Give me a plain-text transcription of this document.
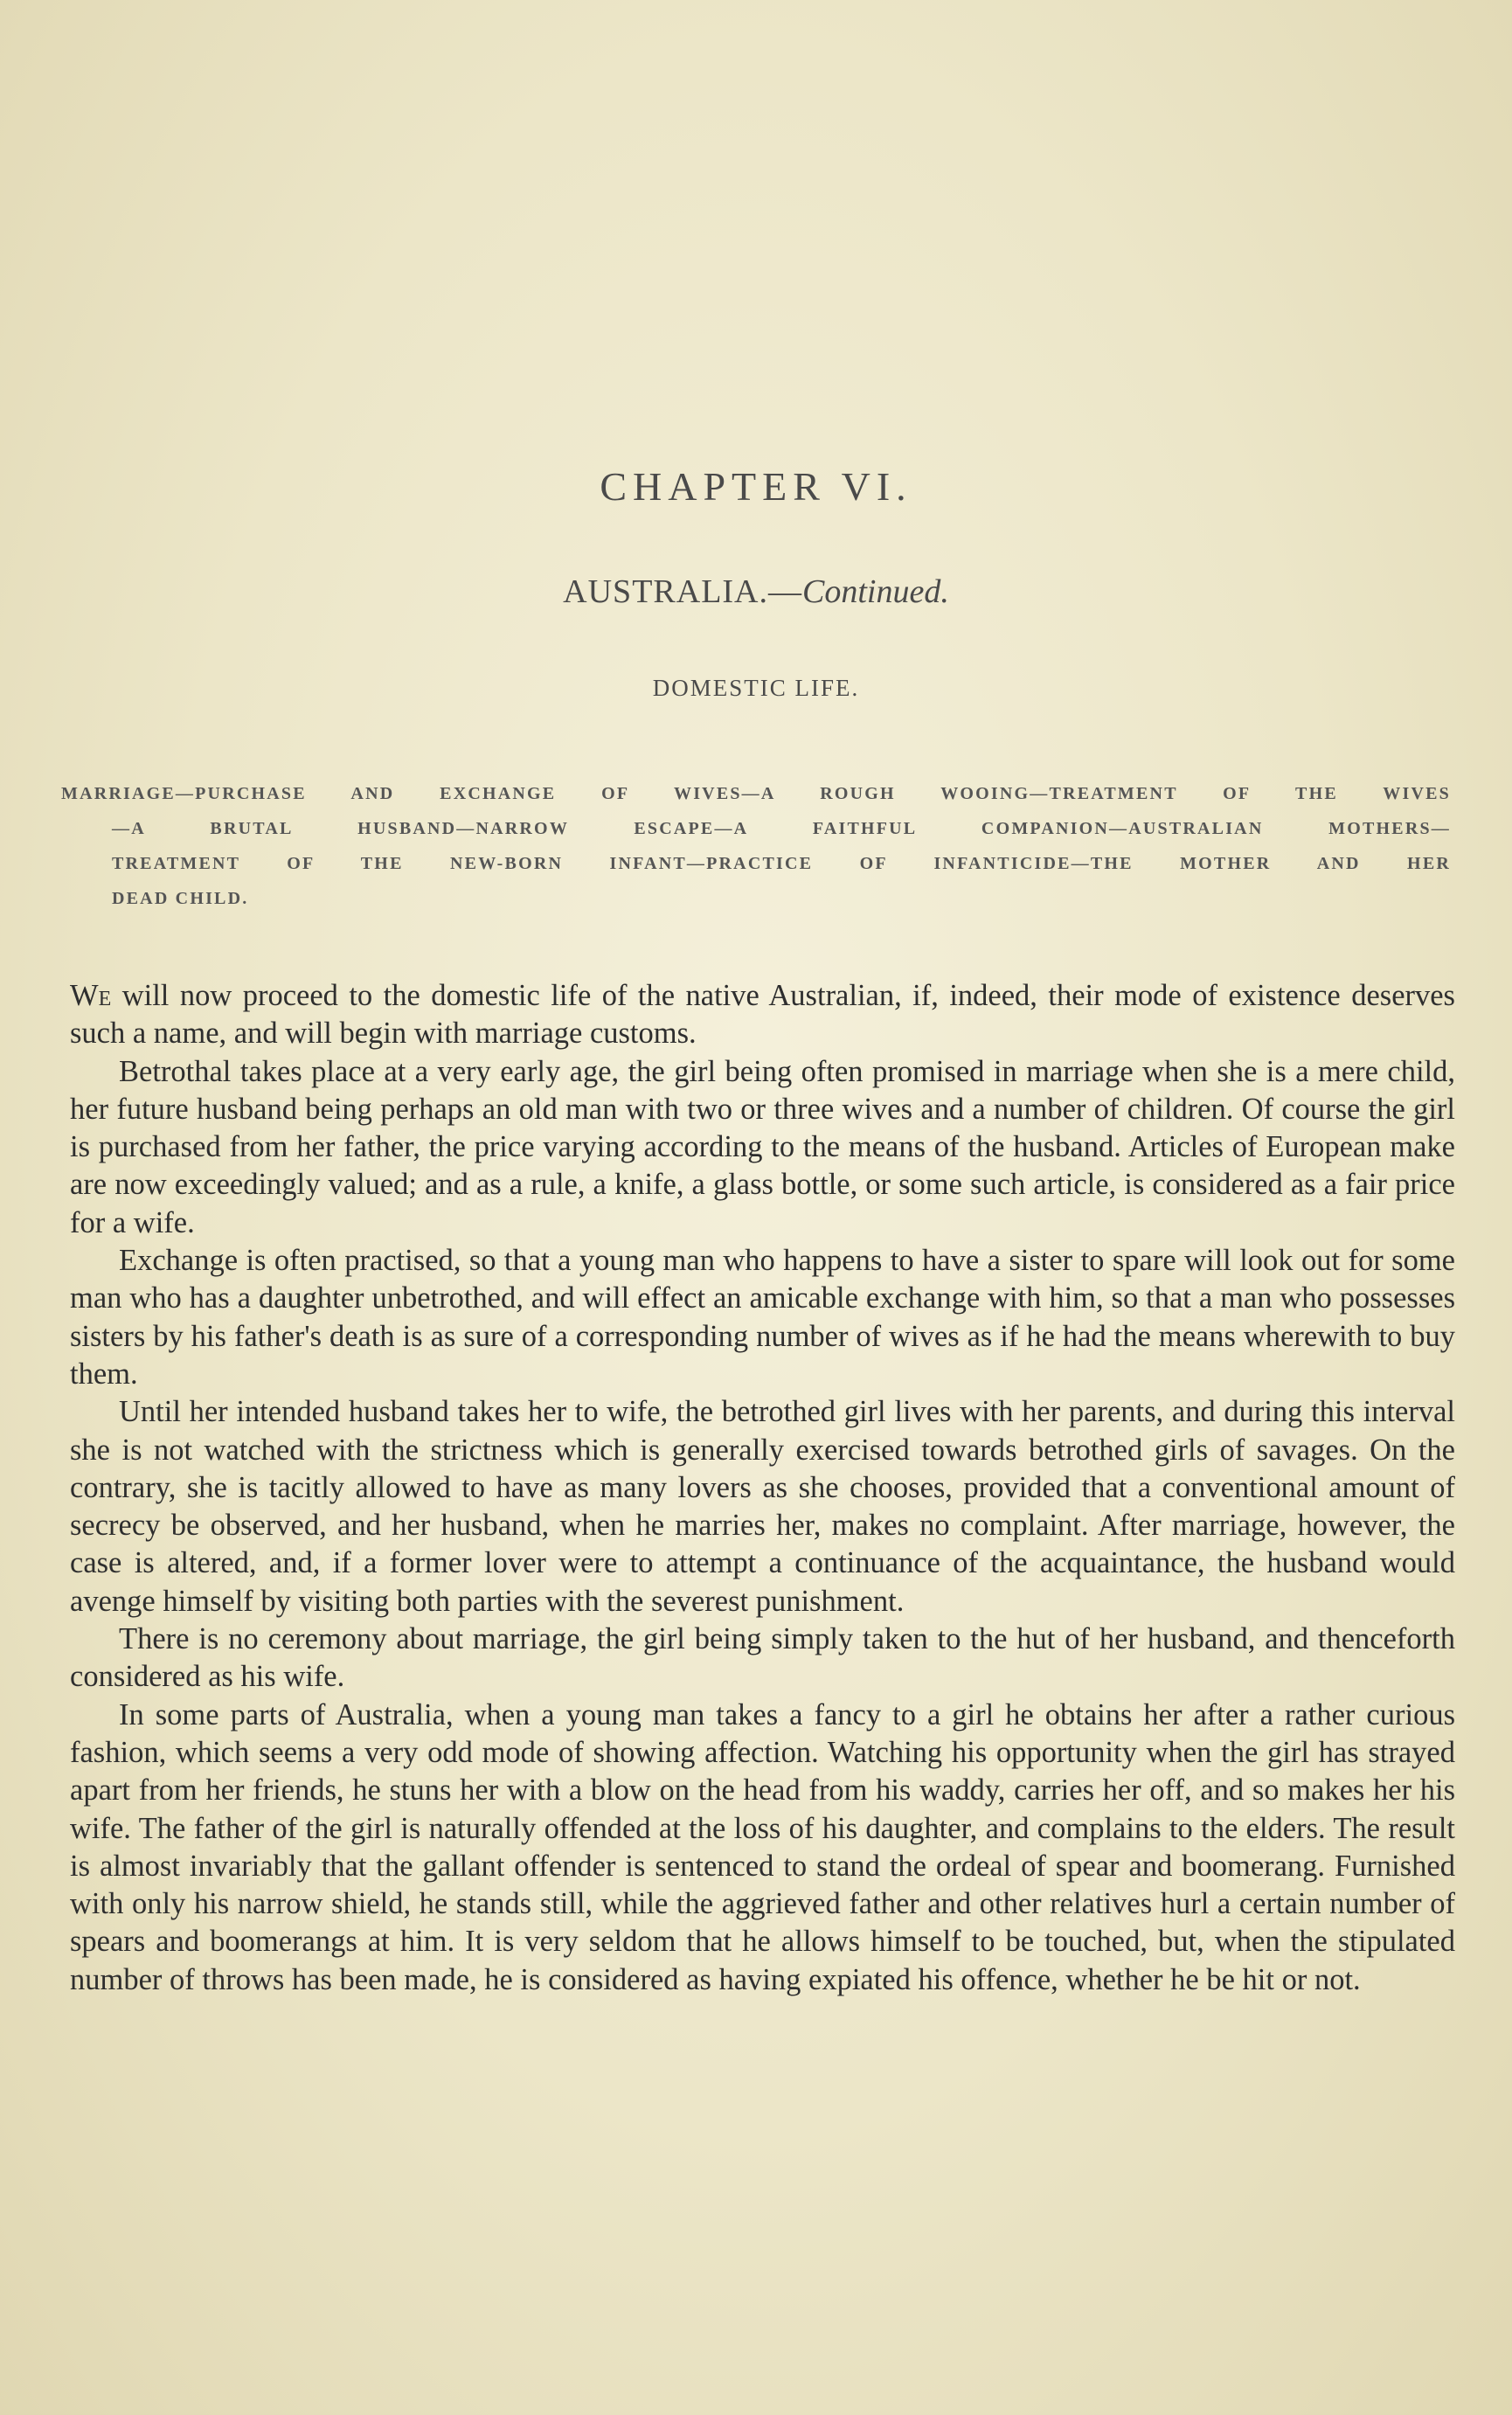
CHAPTER VI.
AUSTRALIA.—Continued.
DOMESTIC LIFE.
MARRIAGE—PURCHASE AND EXCHANGE OF WIVES—A ROUGH WOOING—TREATMENT OF THE WIVES
—A BRUTAL HUSBAND—NARROW ESCAPE—A FAITHFUL COMPANION—AUSTRALIAN MOTHERS—
TREATMENT OF THE NEW-BORN INFANT—PRACTICE OF INFANTICIDE—THE MOTHER AND HER
DEAD CHILD.

We will now proceed to the domestic life of the native Australian, if, indeed, their mode of existence deserves such a name, and will begin with marriage customs.

Betrothal takes place at a very early age, the girl being often promised in marriage when she is a mere child, her future husband being perhaps an old man with two or three wives and a number of children. Of course the girl is purchased from her father, the price varying according to the means of the husband. Articles of European make are now exceedingly valued; and as a rule, a knife, a glass bottle, or some such article, is considered as a fair price for a wife.

Exchange is often practised, so that a young man who happens to have a sister to spare will look out for some man who has a daughter unbetrothed, and will effect an amicable exchange with him, so that a man who possesses sisters by his father's death is as sure of a corresponding number of wives as if he had the means wherewith to buy them.

Until her intended husband takes her to wife, the betrothed girl lives with her parents, and during this interval she is not watched with the strictness which is generally exercised towards betrothed girls of savages. On the contrary, she is tacitly allowed to have as many lovers as she chooses, provided that a conventional amount of secrecy be observed, and her husband, when he marries her, makes no complaint. After marriage, however, the case is altered, and, if a former lover were to attempt a continuance of the acquaintance, the husband would avenge himself by visiting both parties with the severest punishment.

There is no ceremony about marriage, the girl being simply taken to the hut of her husband, and thenceforth considered as his wife.

In some parts of Australia, when a young man takes a fancy to a girl he obtains her after a rather curious fashion, which seems a very odd mode of showing affection. Watching his opportunity when the girl has strayed apart from her friends, he stuns her with a blow on the head from his waddy, carries her off, and so makes her his wife. The father of the girl is naturally offended at the loss of his daughter, and complains to the elders. The result is almost invariably that the gallant offender is sentenced to stand the ordeal of spear and boomerang. Furnished with only his narrow shield, he stands still, while the aggrieved father and other relatives hurl a certain number of spears and boomerangs at him. It is very seldom that he allows himself to be touched, but, when the stipulated number of throws has been made, he is considered as having expiated his offence, whether he be hit or not.
